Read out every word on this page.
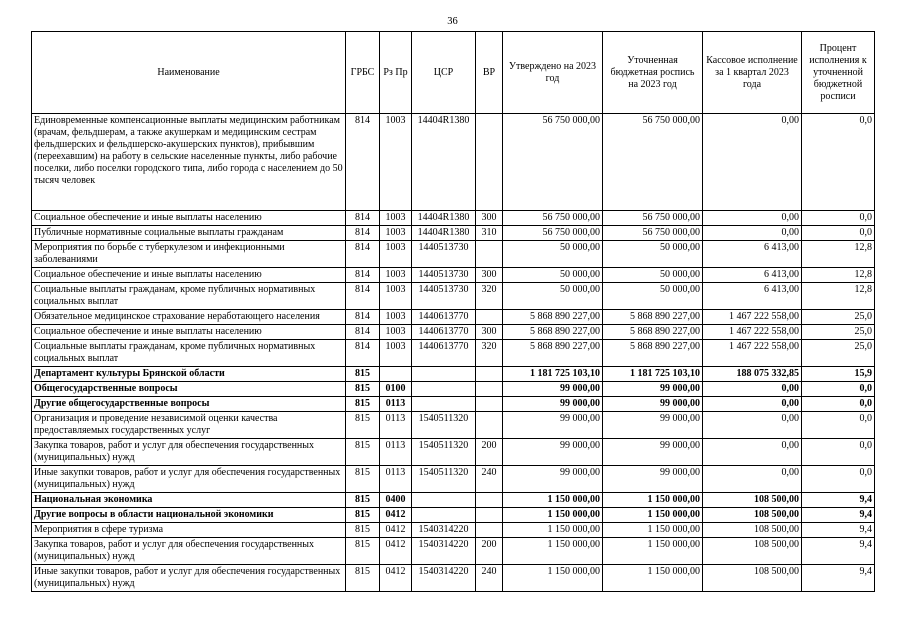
36
Наименование	ГРБС	Рз Пр	ЦСР	ВР	Утверждено на 2023 год	Уточненная бюджетная роспись на 2023 год	Кассовое исполнение за 1 квартал 2023 года	Процент исполнения к уточненной бюджетной росписи
Единовременные компенсационные выплаты медицинским работникам (врачам, фельдшерам, а также акушеркам и медицинским сестрам фельдшерских и фельдшерско-акушерских пунктов), прибывшим (переехавшим) на работу в сельские населенные пункты, либо рабочие поселки, либо поселки городского типа, либо города с населением до 50 тысяч человек	814	1003	14404R1380		56 750 000,00	56 750 000,00	0,00	0,0
Социальное обеспечение и иные выплаты населению	814	1003	14404R1380	300	56 750 000,00	56 750 000,00	0,00	0,0
Публичные нормативные социальные выплаты гражданам	814	1003	14404R1380	310	56 750 000,00	56 750 000,00	0,00	0,0
Мероприятия по борьбе с туберкулезом и инфекционными заболеваниями	814	1003	1440513730		50 000,00	50 000,00	6 413,00	12,8
Социальное обеспечение и иные выплаты населению	814	1003	1440513730	300	50 000,00	50 000,00	6 413,00	12,8
Социальные выплаты гражданам, кроме публичных нормативных социальных выплат	814	1003	1440513730	320	50 000,00	50 000,00	6 413,00	12,8
Обязательное медицинское страхование неработающего населения	814	1003	1440613770		5 868 890 227,00	5 868 890 227,00	1 467 222 558,00	25,0
Социальное обеспечение и иные выплаты населению	814	1003	1440613770	300	5 868 890 227,00	5 868 890 227,00	1 467 222 558,00	25,0
Социальные выплаты гражданам, кроме публичных нормативных социальных выплат	814	1003	1440613770	320	5 868 890 227,00	5 868 890 227,00	1 467 222 558,00	25,0
Департамент культуры Брянской области	815				1 181 725 103,10	1 181 725 103,10	188 075 332,85	15,9
Общегосударственные вопросы	815	0100			99 000,00	99 000,00	0,00	0,0
Другие общегосударственные вопросы	815	0113			99 000,00	99 000,00	0,00	0,0
Организация и проведение независимой оценки качества предоставляемых государственных услуг	815	0113	1540511320		99 000,00	99 000,00	0,00	0,0
Закупка товаров, работ и услуг для обеспечения государственных (муниципальных) нужд	815	0113	1540511320	200	99 000,00	99 000,00	0,00	0,0
Иные закупки товаров, работ и услуг для обеспечения государственных (муниципальных) нужд	815	0113	1540511320	240	99 000,00	99 000,00	0,00	0,0
Национальная экономика	815	0400			1 150 000,00	1 150 000,00	108 500,00	9,4
Другие вопросы в области национальной экономики	815	0412			1 150 000,00	1 150 000,00	108 500,00	9,4
Мероприятия в сфере туризма	815	0412	1540314220		1 150 000,00	1 150 000,00	108 500,00	9,4
Закупка товаров, работ и услуг для обеспечения государственных (муниципальных) нужд	815	0412	1540314220	200	1 150 000,00	1 150 000,00	108 500,00	9,4
Иные закупки товаров, работ и услуг для обеспечения государственных (муниципальных) нужд	815	0412	1540314220	240	1 150 000,00	1 150 000,00	108 500,00	9,4
